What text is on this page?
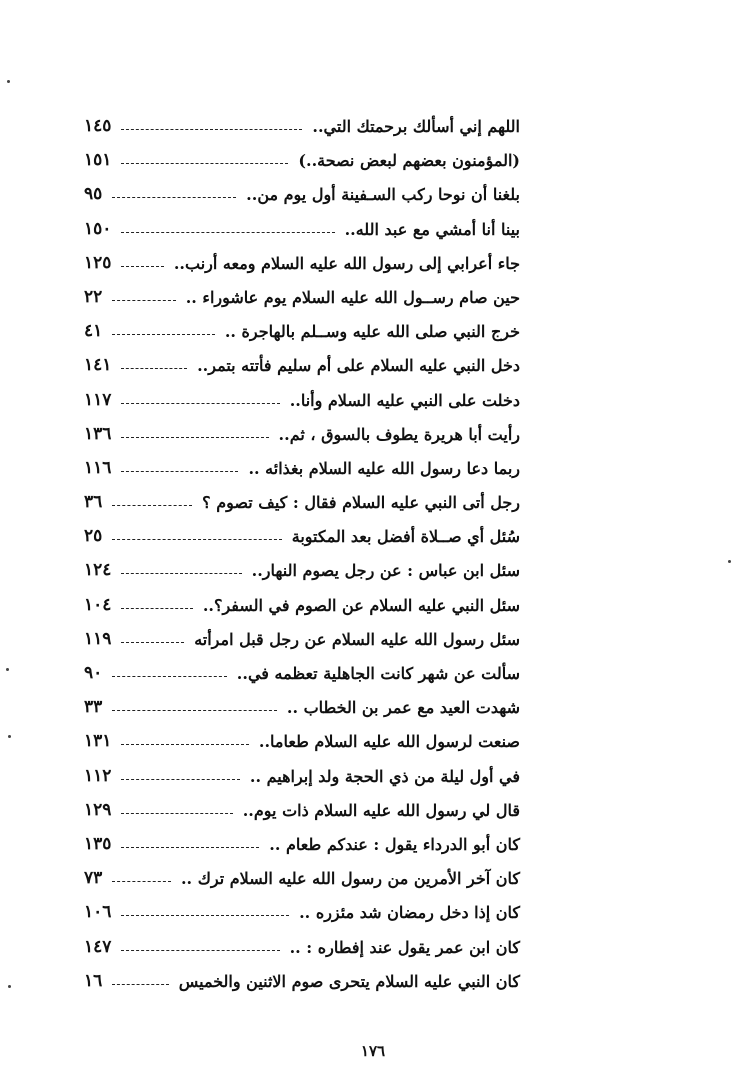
اللهم إني أسألك برحمتك التي..
١٤٥
(المؤمنون بعضهم لبعض نصحة..)
١٥١
بلغنا أن نوحا ركب السـفينة أول يوم من..
٩٥
بينا أنا أمشي مع عبد الله..
١٥٠
جاء أعرابي إلى رسول الله عليه السلام ومعه أرنب..
١٢٥
حين صام رســول الله عليه السلام يوم عاشوراء ..
٢٢
خرج النبي صلى الله عليه وســلم بالهاجرة ..
٤١
دخل النبي عليه السلام على أم سليم فأتته بتمر..
١٤١
دخلت على النبي عليه السلام وأنا..
١١٧
رأيت أبا هريرة يطوف بالسوق ، ثم..
١٣٦
ربما دعا رسول الله عليه السلام بغذائه ..
١١٦
رجل أتى النبي عليه السلام فقال : كيف تصوم ؟
٣٦
سُئل أي صــلاة أفضل بعد المكتوبة
٢٥
سئل ابن عباس : عن رجل يصوم النهار..
١٢٤
سئل النبي عليه السلام عن الصوم في السفر؟..
١٠٤
سئل رسول الله عليه السلام عن رجل قبل امرأته
١١٩
سألت عن شهر كانت الجاهلية تعظمه في..
٩٠
شهدت العيد مع عمر بن الخطاب ..
٣٣
صنعت لرسول الله عليه السلام طعاما..
١٣١
في أول ليلة من ذي الحجة ولد إبراهيم ..
١١٢
قال لي رسول الله عليه السلام ذات يوم..
١٢٩
كان أبو الدرداء يقول : عندكم طعام ..
١٣٥
كان آخر الأمرين من رسول الله عليه السلام ترك ..
٧٣
كان إذا دخل رمضان شد مئزره ..
١٠٦
كان ابن عمر يقول عند إفطاره : ..
١٤٧
كان النبي عليه السلام يتحرى صوم الاثنين والخميس
١٦
١٧٦
